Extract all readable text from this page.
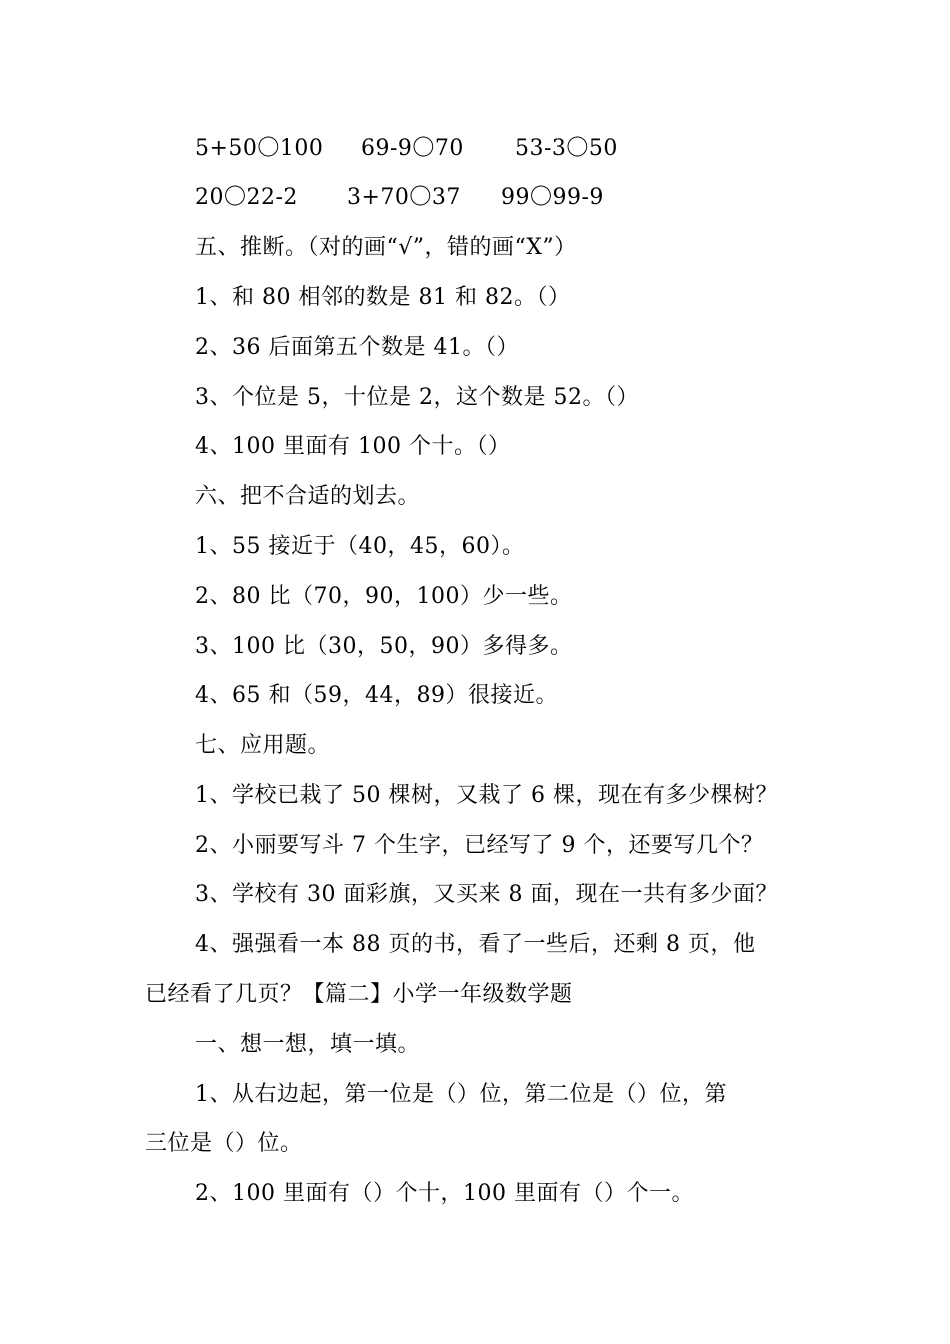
5+50〇100 69-9〇70 53-3〇50
20〇22-2 3+70〇37 99〇99-9
五、推断。（对的画“√”，错的画“X”）
1、和 80 相邻的数是 81 和 82。（）
2、36 后面第五个数是 41。（）
3、个位是 5，十位是 2，这个数是 52。（）
4、100 里面有 100 个十。（）
六、把不合适的划去。
1、55 接近于（40，45，60）。
2、80 比（70，90，100）少一些。
3、100 比（30，50，90）多得多。
4、65 和（59，44，89）很接近。
七、应用题。
1、学校已栽了 50 棵树，又栽了 6 棵，现在有多少棵树？
2、小丽要写斗 7 个生字，已经写了 9 个，还要写几个？
3、学校有 30 面彩旗，又买来 8 面，现在一共有多少面？
4、强强看一本 88 页的书，看了一些后，还剩 8 页，他
已经看了几页？【篇二】小学一年级数学题
一、想一想，填一填。
1、从右边起，第一位是（）位，第二位是（）位，第
三位是（）位。
2、100 里面有（）个十，100 里面有（）个一。
